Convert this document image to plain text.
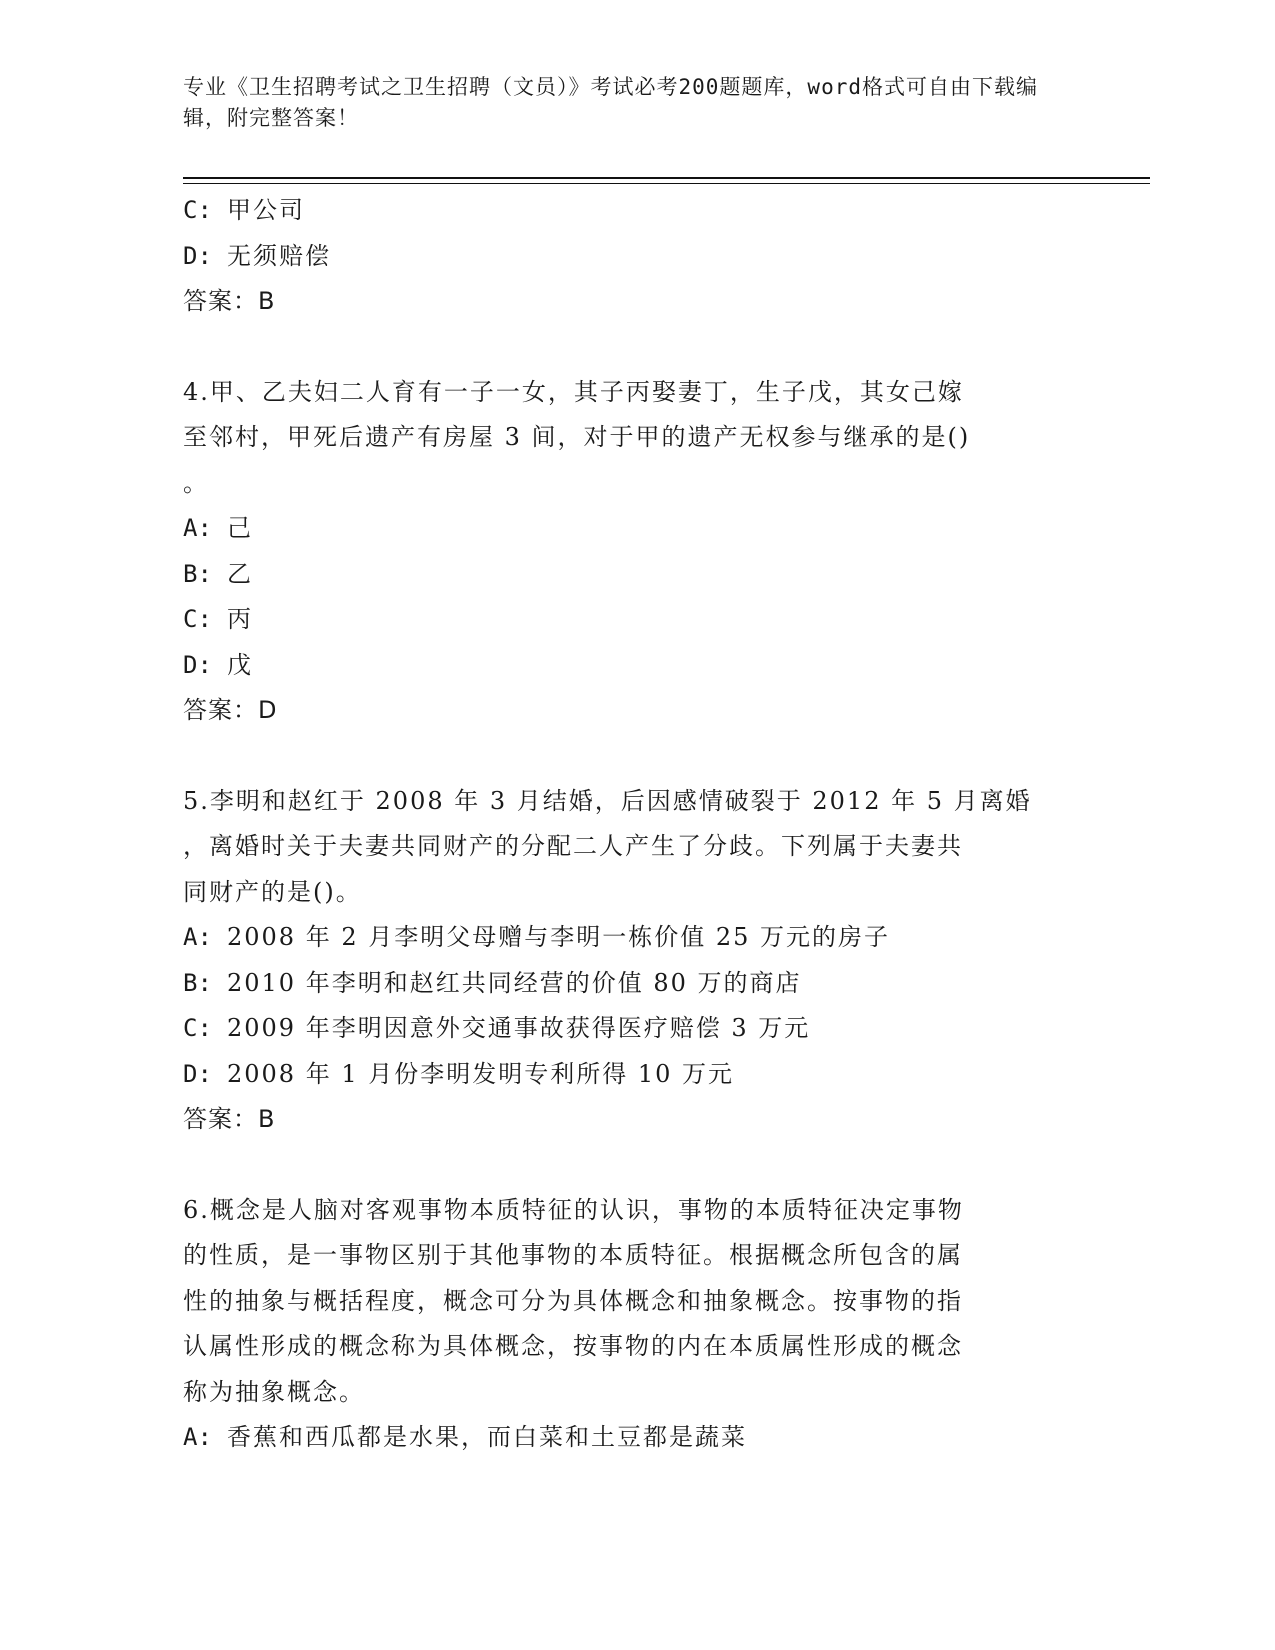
专业《卫生招聘考试之卫生招聘（文员）》考试必考200题题库，word格式可自由下载编辑，附完整答案！
C: 甲公司
D: 无须赔偿
答案：B
4.甲、乙夫妇二人育有一子一女，其子丙娶妻丁，生子戊，其女己嫁
至邻村，甲死后遗产有房屋 3 间，对于甲的遗产无权参与继承的是()
。
A: 己
B: 乙
C: 丙
D: 戊
答案：D
5.李明和赵红于 2008 年 3 月结婚，后因感情破裂于 2012 年 5 月离婚
，离婚时关于夫妻共同财产的分配二人产生了分歧。下列属于夫妻共
同财产的是()。
A: 2008 年 2 月李明父母赠与李明一栋价值 25 万元的房子
B: 2010 年李明和赵红共同经营的价值 80 万的商店
C: 2009 年李明因意外交通事故获得医疗赔偿 3 万元
D: 2008 年 1 月份李明发明专利所得 10 万元
答案：B
6.概念是人脑对客观事物本质特征的认识，事物的本质特征决定事物
的性质，是一事物区别于其他事物的本质特征。根据概念所包含的属
性的抽象与概括程度，概念可分为具体概念和抽象概念。按事物的指
认属性形成的概念称为具体概念，按事物的内在本质属性形成的概念
称为抽象概念。
A: 香蕉和西瓜都是水果，而白菜和土豆都是蔬菜
